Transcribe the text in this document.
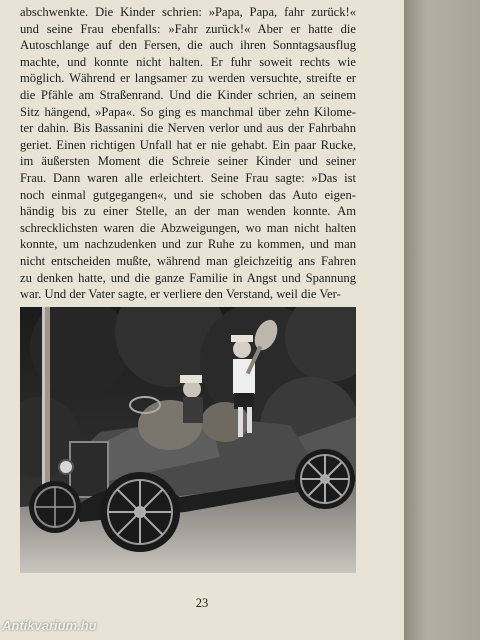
abschwenkte. Die Kinder schrien: »Papa, Papa, fahr zurück!«
und seine Frau ebenfalls: »Fahr zurück!« Aber er hatte die
Autoschlange auf den Fersen, die auch ihren Sonntagsausflug
machte, und konnte nicht halten. Er fuhr soweit rechts wie
möglich. Während er langsamer zu werden versuchte, streifte er
die Pfähle am Straßenrand. Und die Kinder schrien, an seinem
Sitz hängend, »Papa«. So ging es manchmal über zehn Kilome-
ter dahin. Bis Bassanini die Nerven verlor und aus der Fahrbahn
geriet. Einen richtigen Unfall hat er nie gehabt. Ein paar Rucke,
im äußersten Moment die Schreie seiner Kinder und seiner
Frau. Dann waren alle erleichtert. Seine Frau sagte: »Das ist
noch einmal gutgegangen«, und sie schoben das Auto eigen-
händig bis zu einer Stelle, an der man wenden konnte. Am
schrecklichsten waren die Abzweigungen, wo man nicht halten
konnte, um nachzudenken und zur Ruhe zu kommen, und man
nicht entscheiden mußte, während man gleichzeitig ans Fahren
zu denken hatte, und die ganze Familie in Angst und Spannung
war. Und der Vater sagte, er verliere den Verstand, weil die Ver-
23
Antikvarium.hu
